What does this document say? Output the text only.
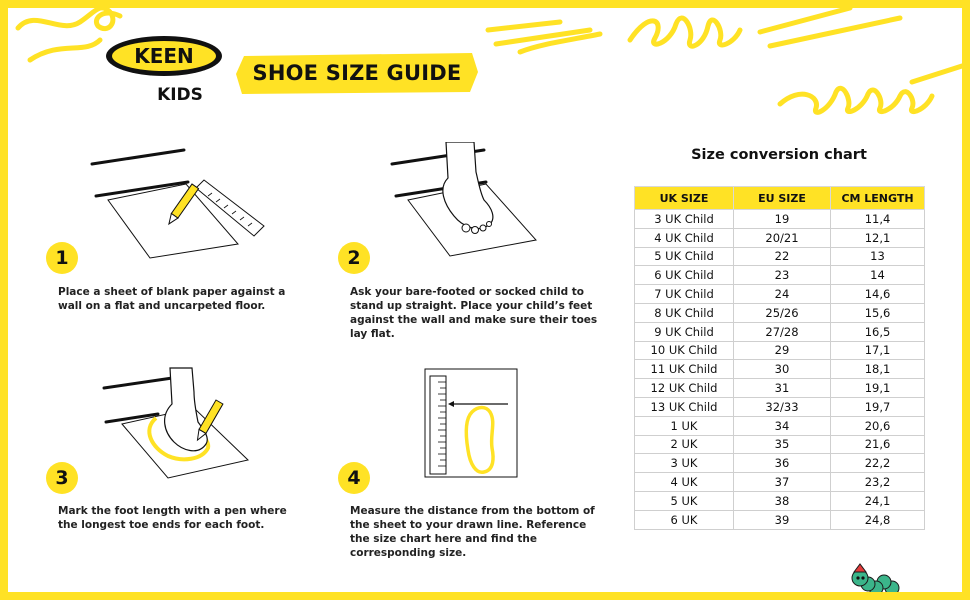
KEEN
KIDS
SHOE SIZE GUIDE
1
Place a sheet of blank paper against a wall on a flat and uncarpeted floor.
2
Ask your bare-footed or socked child to stand up straight. Place your child’s feet against the wall and make sure their toes lay flat.
3
Mark the foot length with a pen where the longest toe ends for each foot.
4
Measure the distance from the bottom of the sheet to your drawn line. Reference the size chart here and find the corresponding size.
Size conversion chart
UK SIZE	EU SIZE	CM LENGTH
3 UK Child	19	11,4
4 UK Child	20/21	12,1
5 UK Child	22	13
6 UK Child	23	14
7 UK Child	24	14,6
8 UK Child	25/26	15,6
9 UK Child	27/28	16,5
10 UK Child	29	17,1
11 UK Child	30	18,1
12 UK Child	31	19,1
13 UK Child	32/33	19,7
1 UK	34	20,6
2 UK	35	21,6
3 UK	36	22,2
4 UK	37	23,2
5 UK	38	24,1
6 UK	39	24,8
